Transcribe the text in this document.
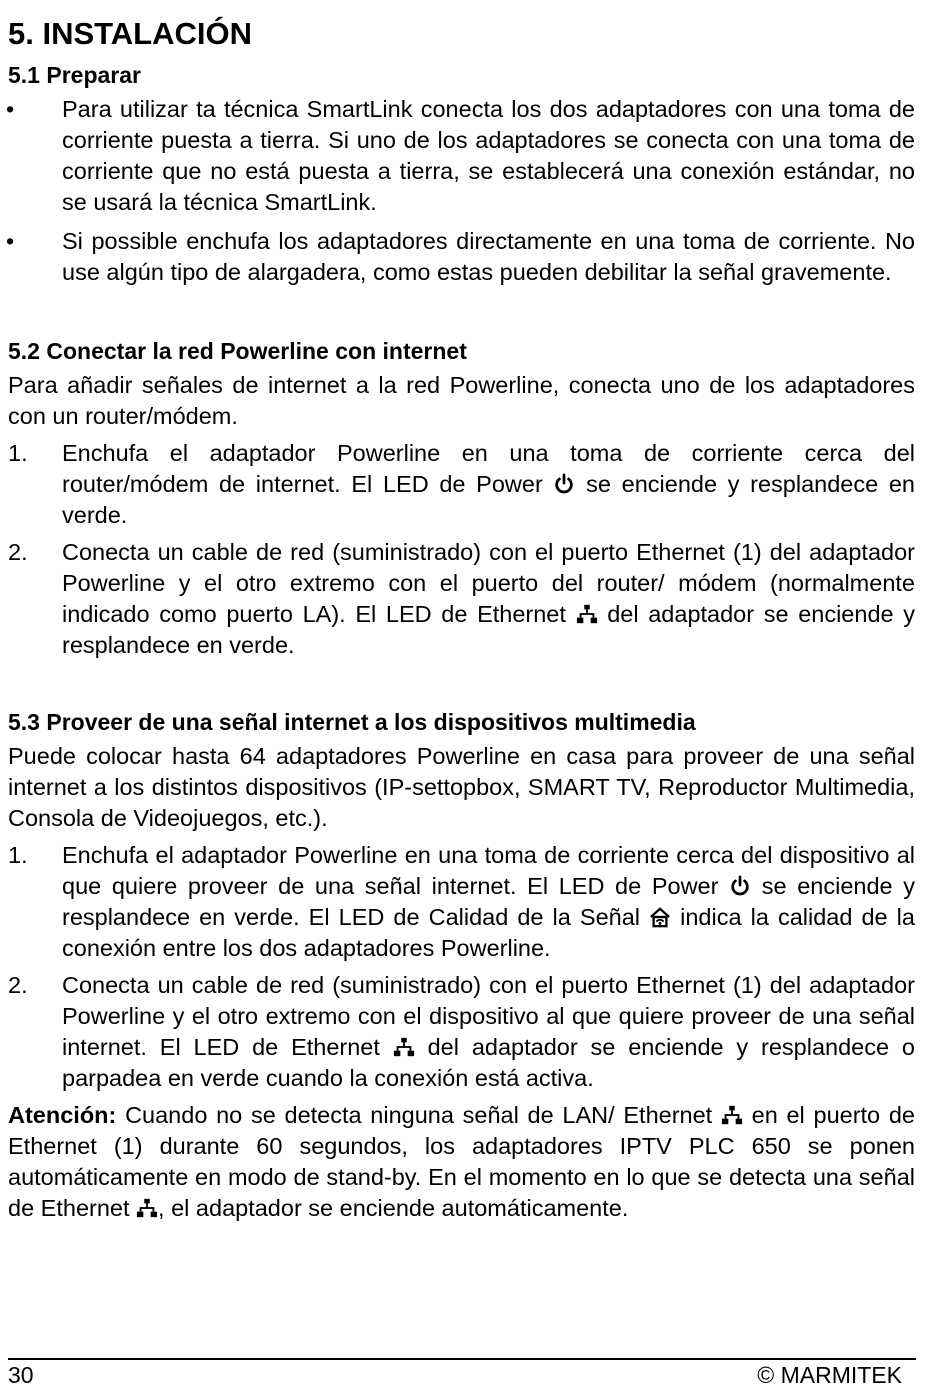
5. INSTALACIÓN
5.1 Preparar
• Para utilizar ta técnica SmartLink conecta los dos adaptadores con una toma de corriente puesta a tierra. Si uno de los adaptadores se conecta con una toma de corriente que no está puesta a tierra, se establecerá una conexión estándar, no se usará la técnica SmartLink.
• Si possible enchufa los adaptadores directamente en una toma de corriente. No use algún tipo de alargadera, como estas pueden debilitar la señal gravemente.
5.2 Conectar la red Powerline con internet

Para añadir señales de internet a la red Powerline, conecta uno de los adaptadores con un router/módem.

1. Enchufa el adaptador Powerline en una toma de corriente cerca del router/módem de internet. El LED de Power
se enciende y resplandece en verde.
2. Conecta un cable de red (suministrado) con el puerto Ethernet (1) del adaptador Powerline y el otro extremo con el puerto del router/ módem (normalmente indicado como puerto LA). El LED de Ethernet
del adaptador se enciende y resplandece en verde.
5.3 Proveer de una señal internet a los dispositivos multimedia

Puede colocar hasta 64 adaptadores Powerline en casa para proveer de una señal internet a los distintos dispositivos (IP-settopbox, SMART TV, Reproductor Multimedia, Consola de Videojuegos, etc.).

1. Enchufa el adaptador Powerline en una toma de corriente cerca del dispositivo al que quiere proveer de una señal internet. El LED de Power
se enciende y resplandece en verde. El LED de Calidad de la Señal
indica la calidad de la conexión entre los dos adaptadores Powerline.
2. Conecta un cable de red (suministrado) con el puerto Ethernet (1) del adaptador Powerline y el otro extremo con el dispositivo al que quiere proveer de una señal internet. El LED de Ethernet
del adaptador se enciende y resplandece o parpadea en verde cuando la conexión está activa.

Atención: Cuando no se detecta ninguna señal de LAN/ Ethernet
en el puerto de Ethernet (1) durante 60 segundos, los adaptadores IPTV PLC 650 se ponen automáticamente en modo de stand-by. En el momento en lo que se detecta una señal de Ethernet
, el adaptador se enciende automáticamente.

30	© MARMITEK
